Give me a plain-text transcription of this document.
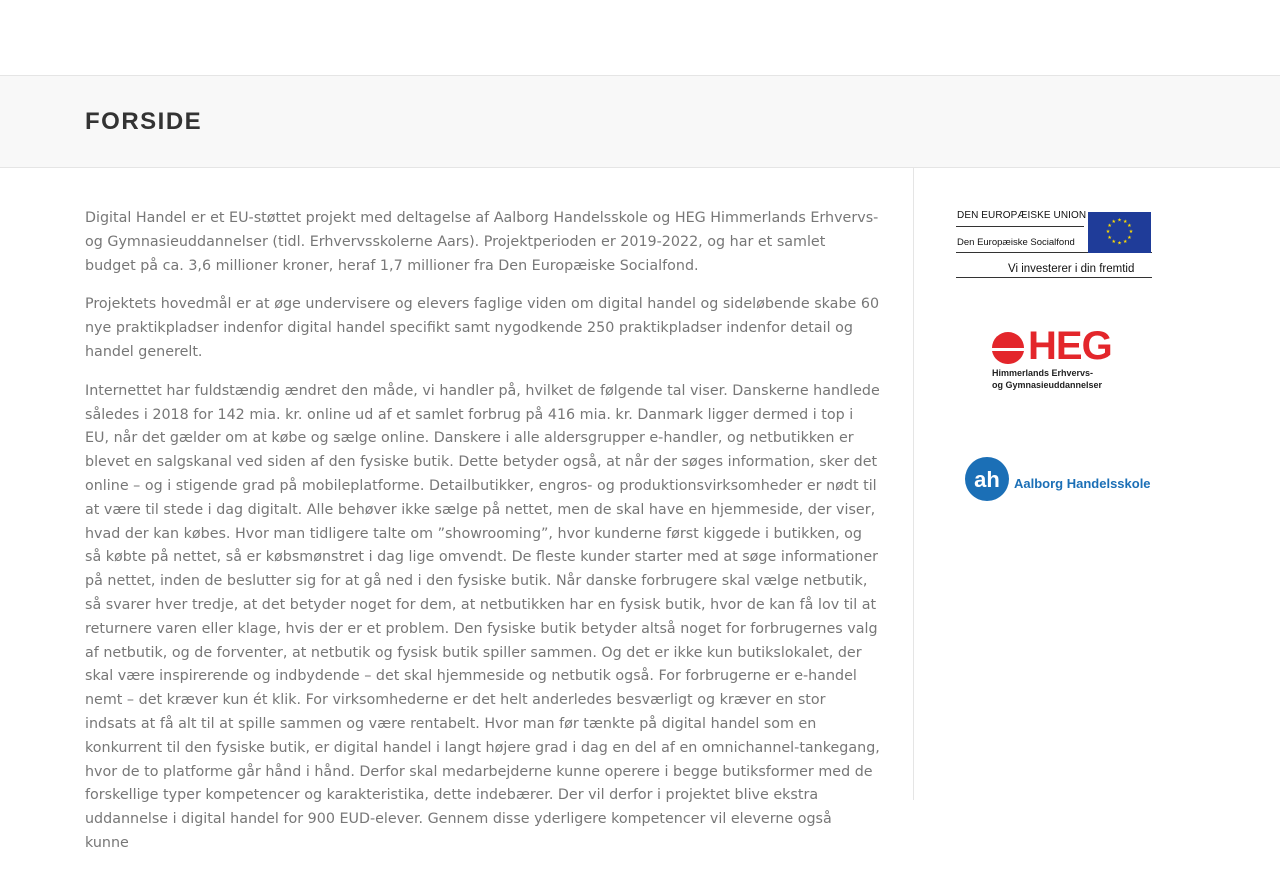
FORSIDE

Digital Handel er et EU-støttet projekt med deltagelse af Aalborg Handelsskole og HEG Himmerlands Erhvervs- og Gymnasieuddannelser (tidl. Erhvervsskolerne Aars). Projektperioden er 2019-2022, og har et samlet budget på ca. 3,6 millioner kroner, heraf 1,7 millioner fra Den Europæiske Socialfond.

Projektets hovedmål er at øge undervisere og elevers faglige viden om digital handel og sideløbende skabe 60 nye praktikpladser indenfor digital handel specifikt samt nygodkende 250 praktikpladser indenfor detail og handel generelt.

Internettet har fuldstændig ændret den måde, vi handler på, hvilket de følgende tal viser. Danskerne handlede således i 2018 for 142 mia. kr. online ud af et samlet forbrug på 416 mia. kr. Danmark ligger dermed i top i EU, når det gælder om at købe og sælge online. Danskere i alle aldersgrupper e-handler, og netbutikken er blevet en salgskanal ved siden af den fysiske butik. Dette betyder også, at når der søges information, sker det online – og i stigende grad på mobileplatforme. Detailbutikker, engros- og produktionsvirksomheder er nødt til at være til stede i dag digitalt. Alle behøver ikke sælge på nettet, men de skal have en hjemmeside, der viser, hvad der kan købes. Hvor man tidligere talte om ”showrooming”, hvor kunderne først kiggede i butikken, og så købte på nettet, så er købsmønstret i dag lige omvendt. De fleste kunder starter med at søge informationer på nettet, inden de beslutter sig for at gå ned i den fysiske butik. Når danske forbrugere skal vælge netbutik, så svarer hver tredje, at det betyder noget for dem, at netbutikken har en fysisk butik, hvor de kan få lov til at returnere varen eller klage, hvis der er et problem. Den fysiske butik betyder altså noget for forbrugernes valg af netbutik, og de forventer, at netbutik og fysisk butik spiller sammen. Og det er ikke kun butikslokalet, der skal være inspirerende og indbydende – det skal hjemmeside og netbutik også. For forbrugerne er e-handel nemt – det kræver kun ét klik. For virksomhederne er det helt anderledes besværligt og kræver en stor indsats at få alt til at spille sammen og være rentabelt. Hvor man før tænkte på digital handel som en konkurrent til den fysiske butik, er digital handel i langt højere grad i dag en del af en omnichannel-tankegang, hvor de to platforme går hånd i hånd. Derfor skal medarbejderne kunne operere i begge butiksformer med de forskellige typer kompetencer og karakteristika, dette indebærer. Der vil derfor i projektet blive ekstra uddannelse i digital handel for 900 EUD-elever. Gennem disse yderligere kompetencer vil eleverne også kunne

DEN EUROPÆISKE UNION
Den Europæiske Socialfond
★ ★
★
★
★
★
★
★
★
★
★
★
Vi investerer i din fremtid
HEG
Himmerlands Erhvervs-
og Gymnasieuddannelser
ah Aalborg Handelsskole
